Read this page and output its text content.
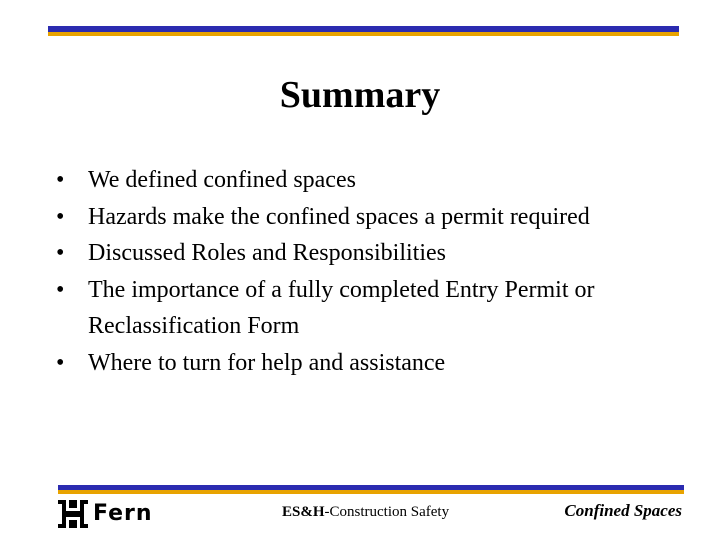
Summary
• We defined confined spaces
• Hazards make the confined spaces a permit required
• Discussed Roles and Responsibilities
• The importance of a fully completed Entry Permit or Reclassification Form
• Where to turn for help and assistance
Fern	ES&H-Construction Safety	Confined Spaces
